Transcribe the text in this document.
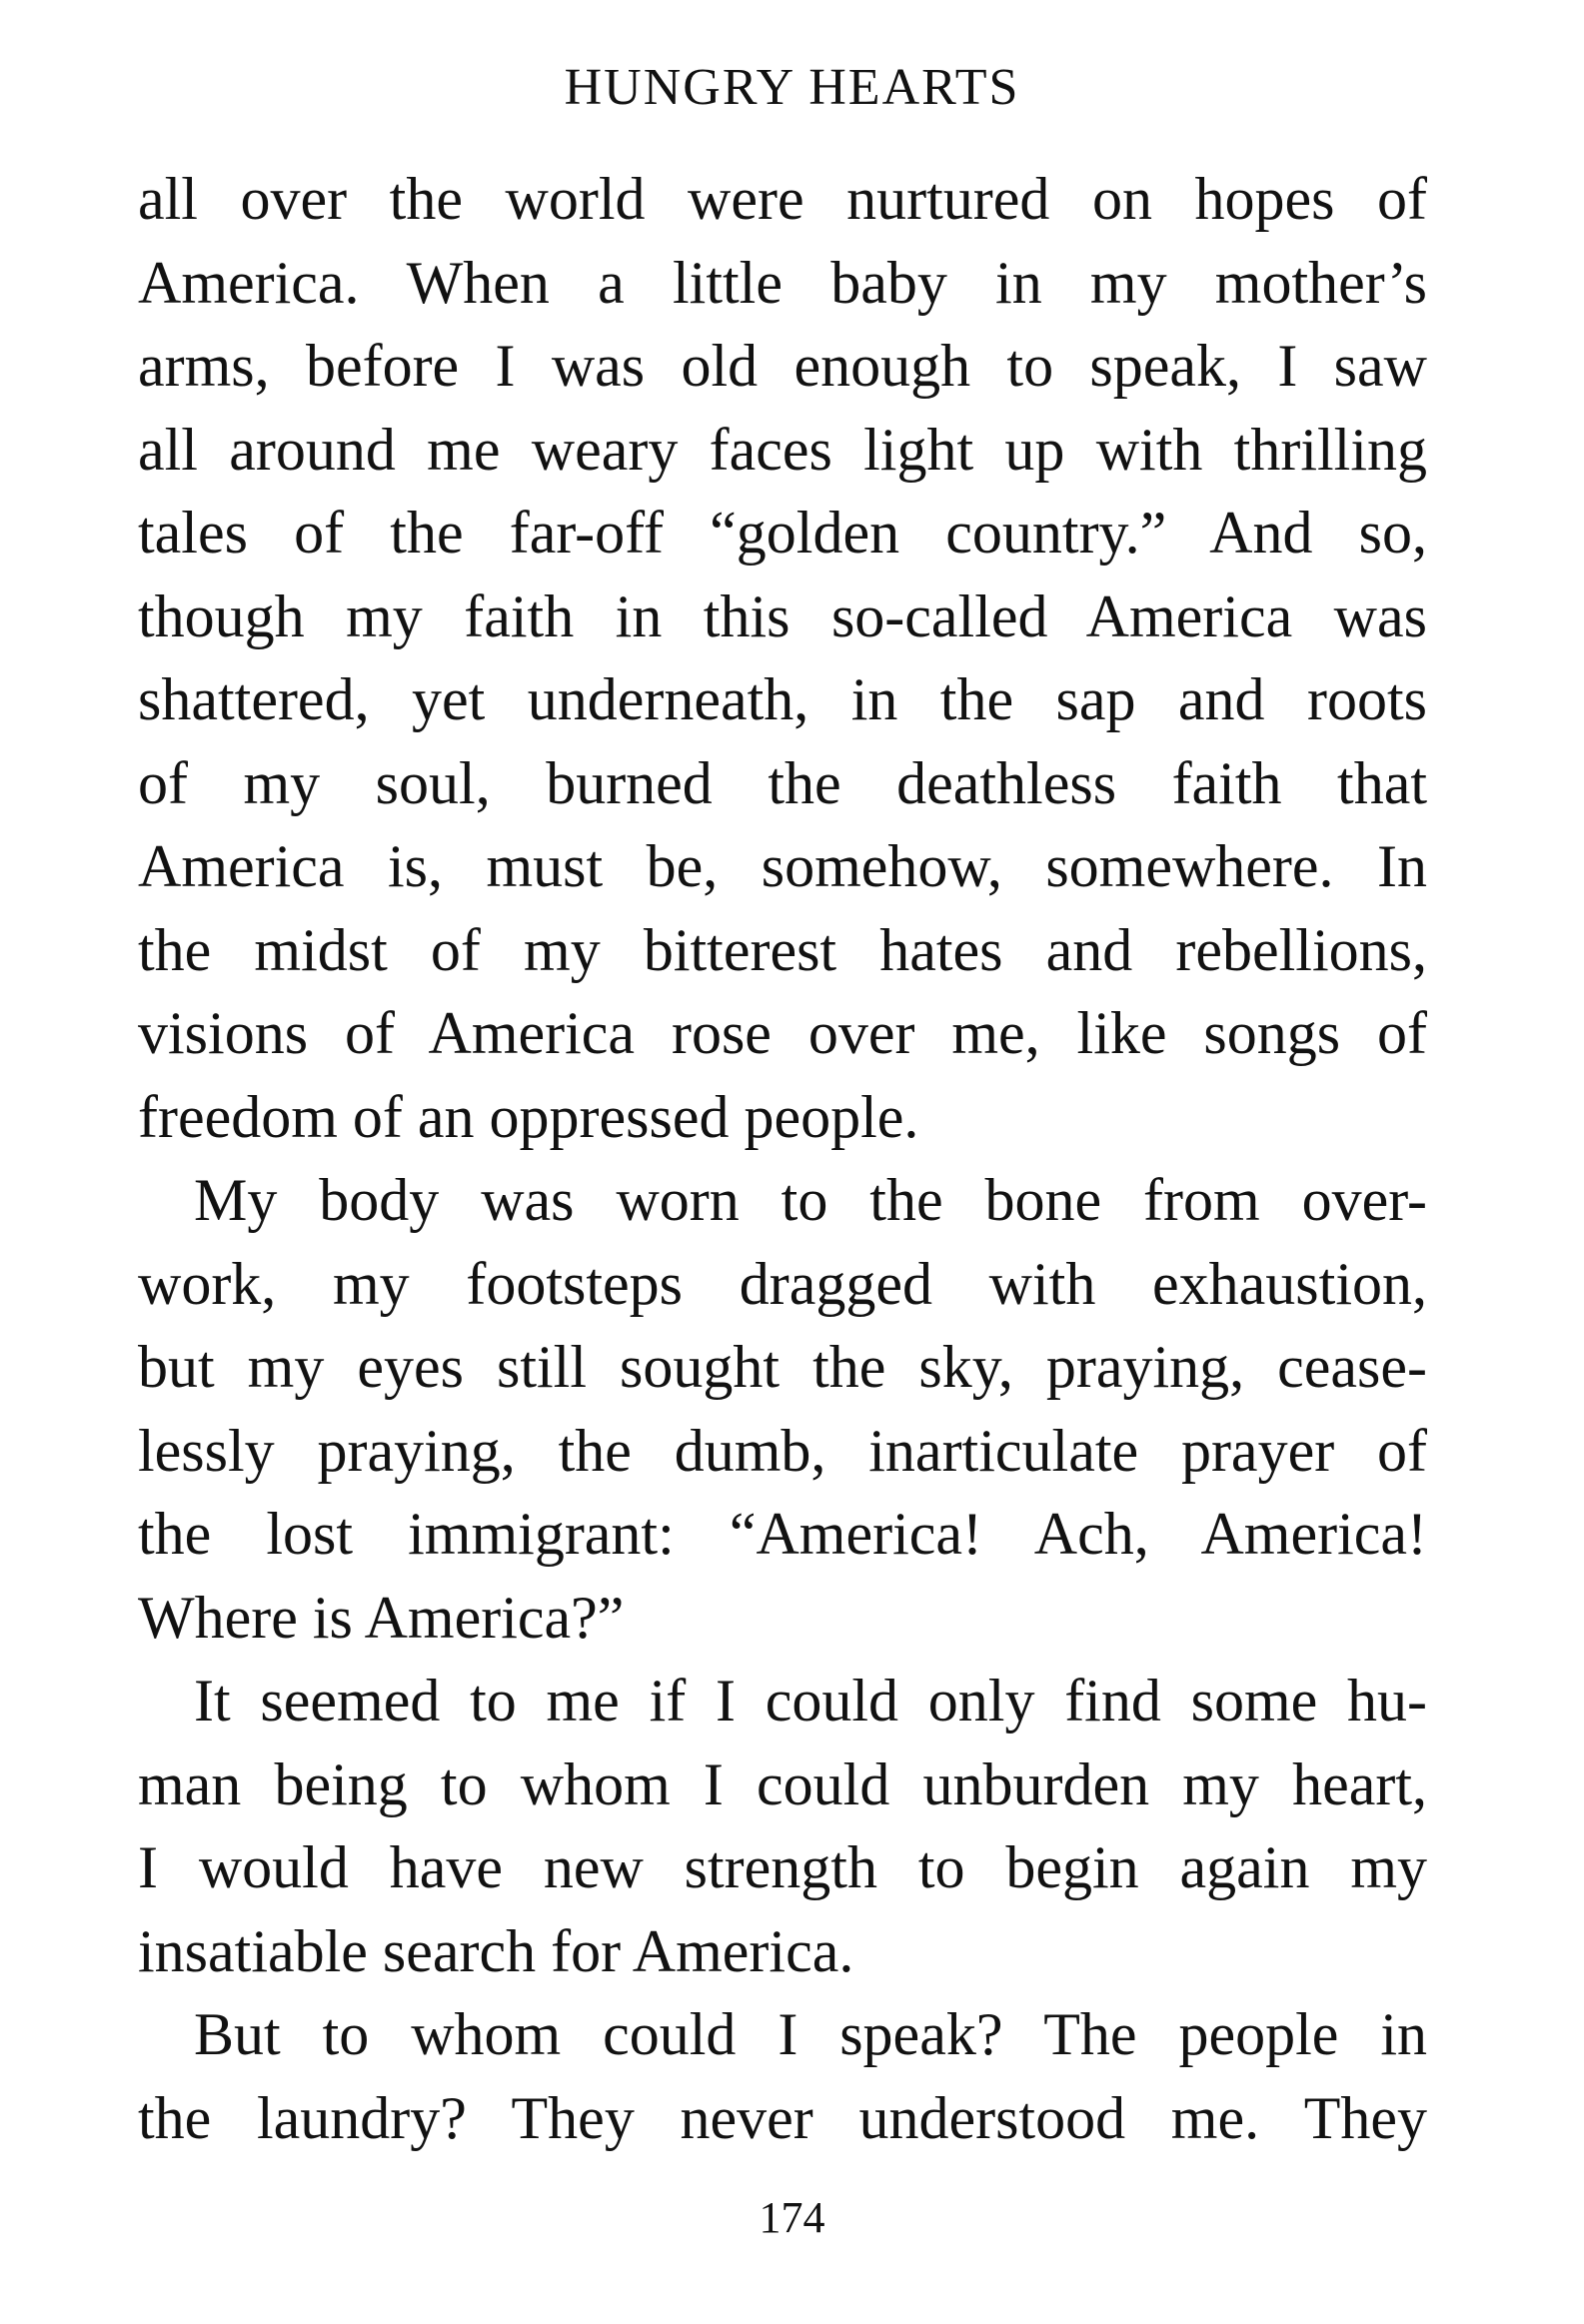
HUNGRY HEARTS
all over the world were nurtured on hopes of
America. When a little baby in my mother’s
arms, before I was old enough to speak, I saw
all around me weary faces light up with thrilling
tales of the far-off “golden country.” And so,
though my faith in this so-called America was
shattered, yet underneath, in the sap and roots
of my soul, burned the deathless faith that
America is, must be, somehow, somewhere. In
the midst of my bitterest hates and rebellions,
visions of America rose over me, like songs of
freedom of an oppressed people.
My body was worn to the bone from over-
work, my footsteps dragged with exhaustion,
but my eyes still sought the sky, praying, cease-
lessly praying, the dumb, inarticulate prayer of
the lost immigrant: “America! Ach, America!
Where is America?”
It seemed to me if I could only find some hu-
man being to whom I could unburden my heart,
I would have new strength to begin again my
insatiable search for America.
But to whom could I speak? The people in
the laundry? They never understood me. They
174
